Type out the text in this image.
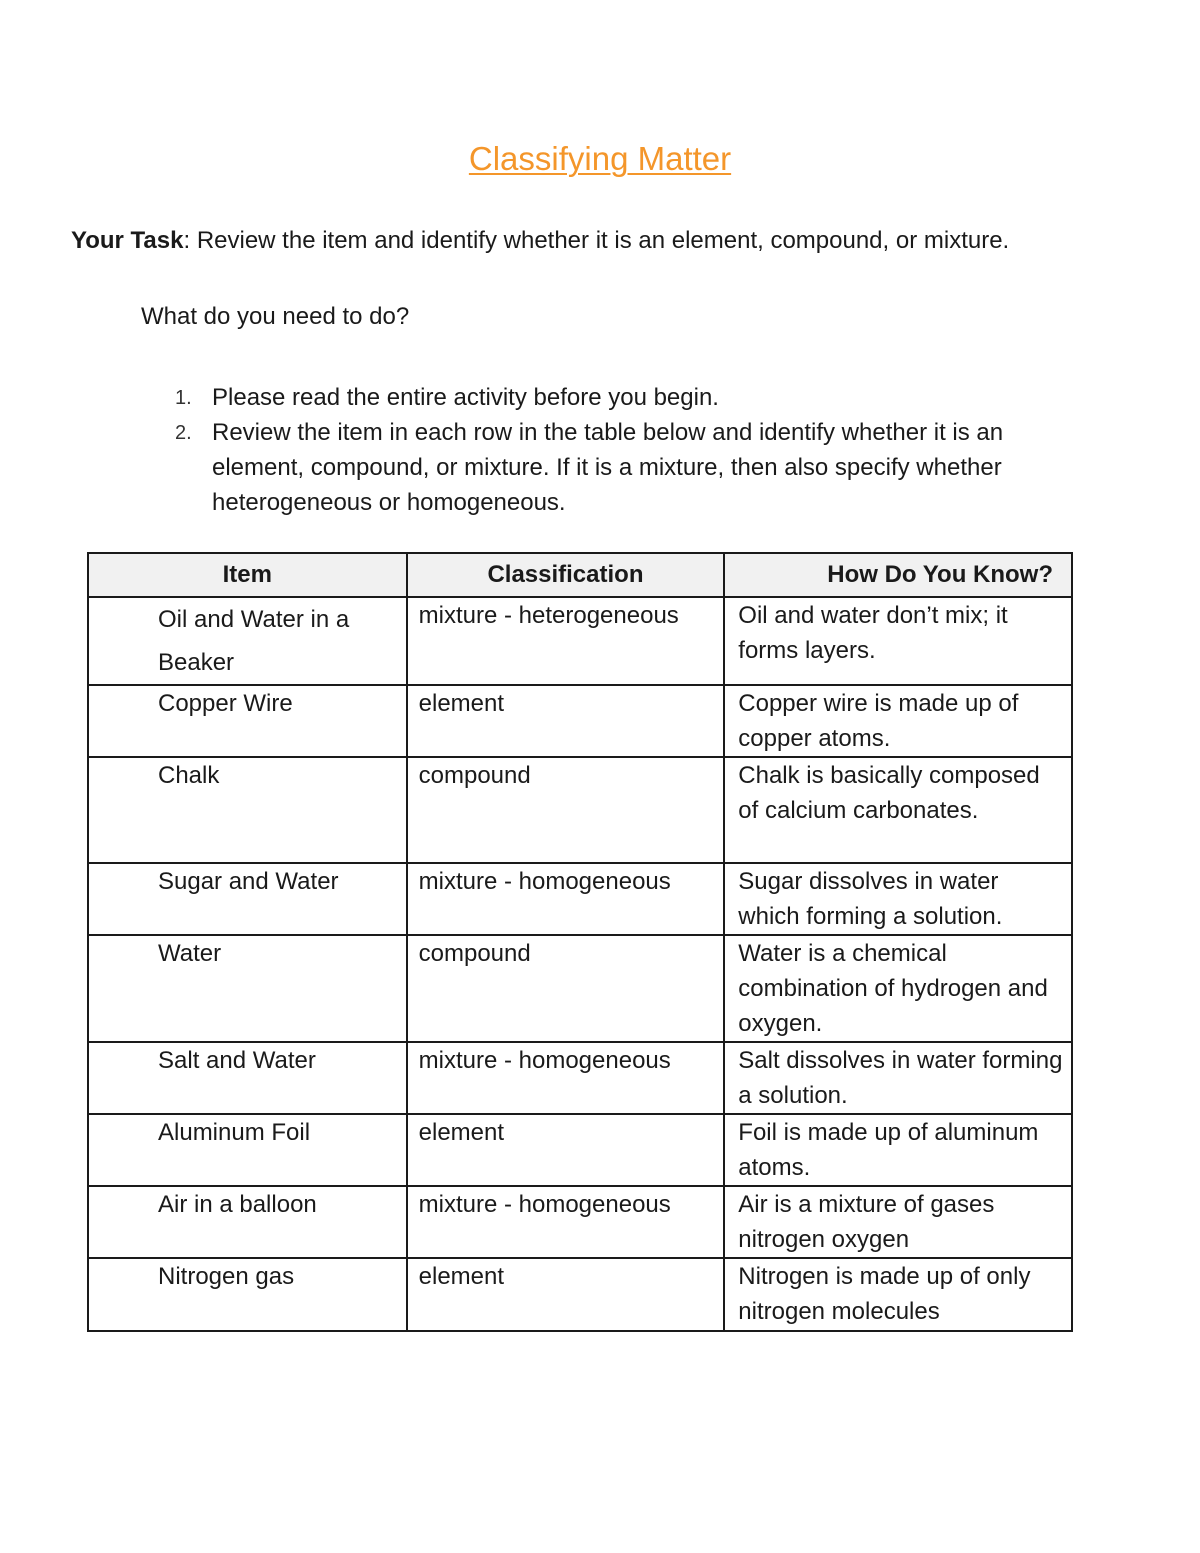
Classifying Matter
Your Task: Review the item and identify whether it is an element, compound, or mixture.
What do you need to do?
1. Please read the entire activity before you begin.
2. Review the item in each row in the table below and identify whether it is an element, compound, or mixture. If it is a mixture, then also specify whether heterogeneous or homogeneous.
Item	Classification	How Do You Know?
Oil and Water in a Beaker	mixture - heterogeneous	Oil and water don’t mix; it forms layers.
Copper Wire	element	Copper wire is made up of copper atoms.
Chalk	compound	Chalk is basically composed of calcium carbonates.
Sugar and Water	mixture - homogeneous	Sugar dissolves in water which forming a solution.
Water	compound	Water is a chemical combination of hydrogen and oxygen.
Salt and Water	mixture - homogeneous	Salt dissolves in water forming a solution.
Aluminum Foil	element	Foil is made up of aluminum atoms.
Air in a balloon	mixture - homogeneous	Air is a mixture of gases nitrogen oxygen
Nitrogen gas	element	Nitrogen is made up of only nitrogen molecules
